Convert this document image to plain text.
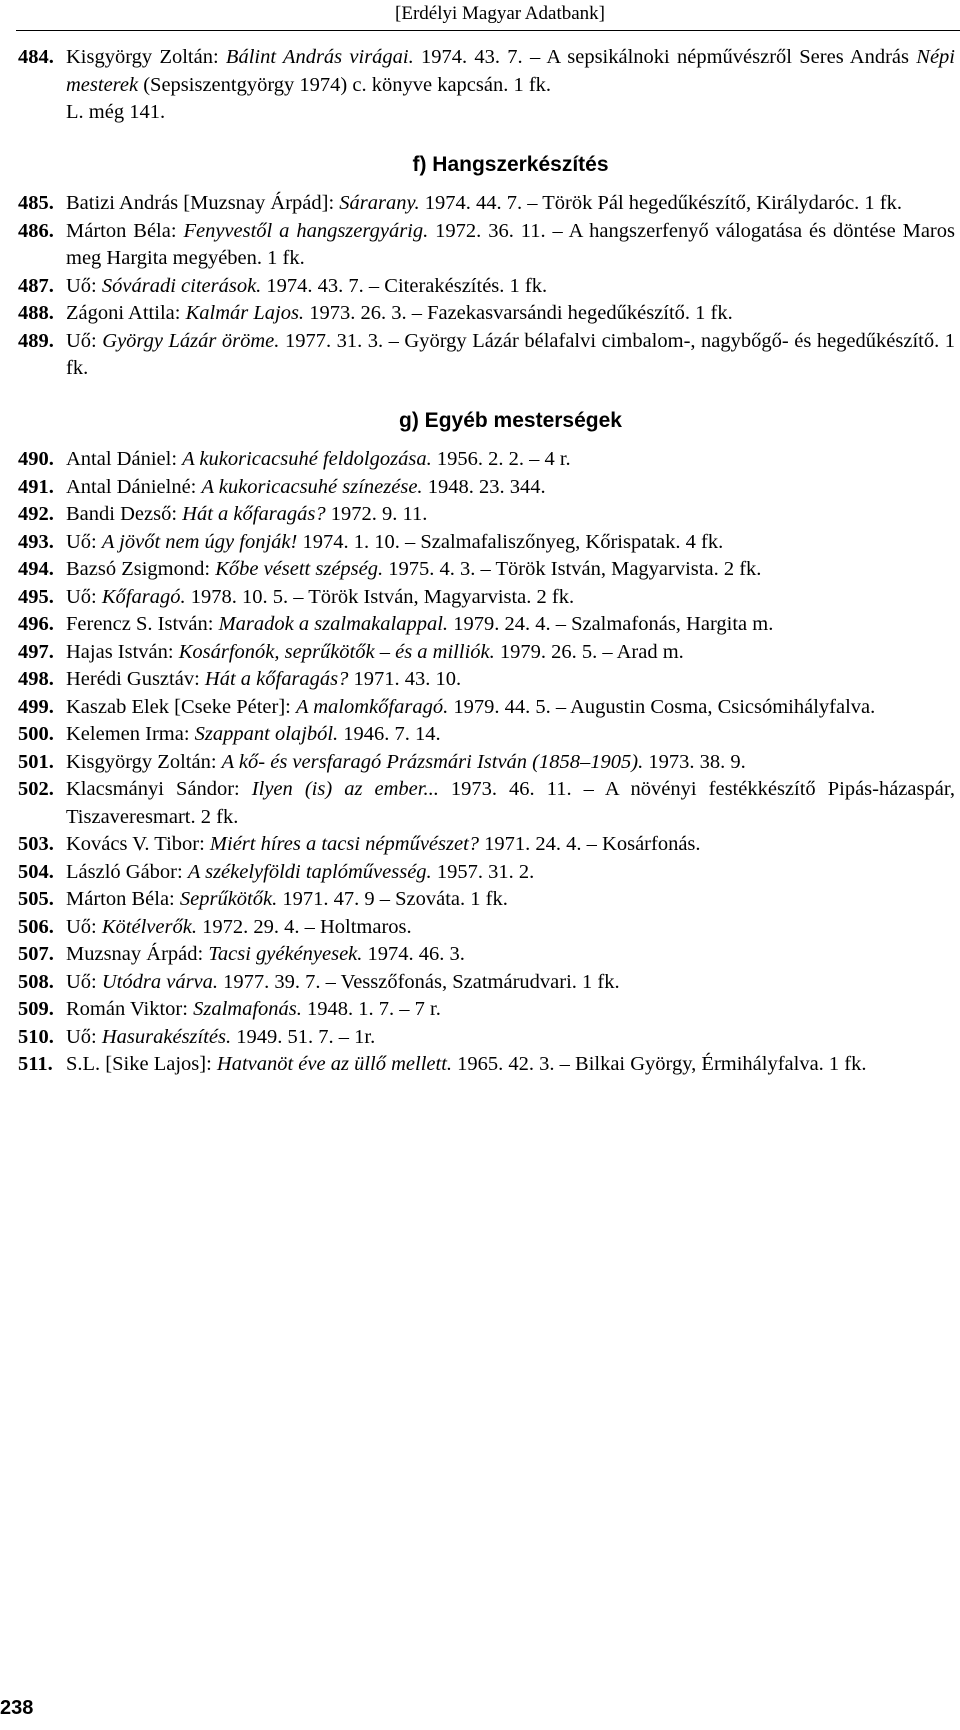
[Erdélyi Magyar Adatbank]
484. Kisgyörgy Zoltán: Bálint András virágai. 1974. 43. 7. – A sepsikálnoki népművészről Seres András Népi mesterek (Sepsiszentgyörgy 1974) c. könyve kapcsán. 1 fk.
L. még 141.
f) Hangszerkészítés
485. Batizi András [Muzsnay Árpád]: Sárarany. 1974. 44. 7. – Török Pál hegedűkészítő, Királydaróc. 1 fk.
486. Márton Béla: Fenyvestől a hangszergyárig. 1972. 36. 11. – A hangszerfenyő válogatása és döntése Maros meg Hargita megyében. 1 fk.
487. Uő: Sóváradi citerások. 1974. 43. 7. – Citerakészítés. 1 fk.
488. Zágoni Attila: Kalmár Lajos. 1973. 26. 3. – Fazekasvarsándi hegedűkészítő. 1 fk.
489. Uő: György Lázár öröme. 1977. 31. 3. – György Lázár bélafalvi cimbalom-, nagybőgő- és hegedűkészítő. 1 fk.
g) Egyéb mesterségek
490. Antal Dániel: A kukoricacsuhé feldolgozása. 1956. 2. 2. – 4 r.
491. Antal Dánielné: A kukoricacsuhé színezése. 1948. 23. 344.
492. Bandi Dezső: Hát a kőfaragás? 1972. 9. 11.
493. Uő: A jövőt nem úgy fonják! 1974. 1. 10. – Szalmafaliszőnyeg, Kőrispatak. 4 fk.
494. Bazsó Zsigmond: Kőbe vésett szépség. 1975. 4. 3. – Török István, Magyarvista. 2 fk.
495. Uő: Kőfaragó. 1978. 10. 5. – Török István, Magyarvista. 2 fk.
496. Ferencz S. István: Maradok a szalmakalappal. 1979. 24. 4. – Szalmafonás, Hargita m.
497. Hajas István: Kosárfonók, seprűkötők – és a milliók. 1979. 26. 5. – Arad m.
498. Herédi Gusztáv: Hát a kőfaragás? 1971. 43. 10.
499. Kaszab Elek [Cseke Péter]: A malomkőfaragó. 1979. 44. 5. – Augustin Cosma, Csicsómihályfalva.
500. Kelemen Irma: Szappant olajból. 1946. 7. 14.
501. Kisgyörgy Zoltán: A kő- és versfaragó Prázsmári István (1858–1905). 1973. 38. 9.
502. Klacsmányi Sándor: Ilyen (is) az ember... 1973. 46. 11. – A növényi festékkészítő Pipás-házaspár, Tiszaveresmart. 2 fk.
503. Kovács V. Tibor: Miért híres a tacsi népművészet? 1971. 24. 4. – Kosárfonás.
504. László Gábor: A székelyföldi taplóművesség. 1957. 31. 2.
505. Márton Béla: Seprűkötők. 1971. 47. 9 – Szováta. 1 fk.
506. Uő: Kötélverők. 1972. 29. 4. – Holtmaros.
507. Muzsnay Árpád: Tacsi gyékényesek. 1974. 46. 3.
508. Uő: Utódra várva. 1977. 39. 7. – Vesszőfonás, Szatmárudvari. 1 fk.
509. Román Viktor: Szalmafonás. 1948. 1. 7. – 7 r.
510. Uő: Hasurakészítés. 1949. 51. 7. – 1r.
511. S.L. [Sike Lajos]: Hatvanöt éve az üllő mellett. 1965. 42. 3. – Bilkai György, Érmihályfalva. 1 fk.
238
